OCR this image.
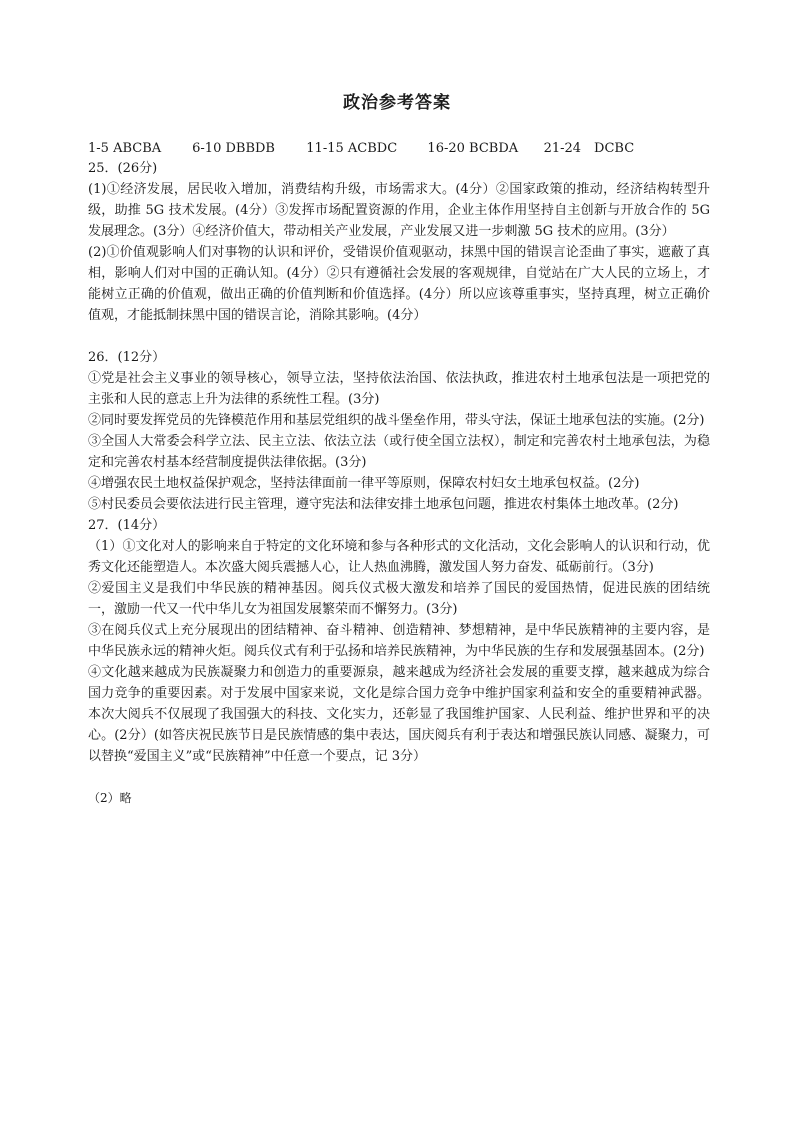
政治参考答案
1-5 ABCBA 6-10 DBBDB 11-15 ACBDC 16-20 BCBDA 21-24　DCBC
25．(26分)
(1)①经济发展，居民收入增加，消费结构升级，市场需求大。(4分）②国家政策的推动，经济结构转型升级，助推 5G 技术发展。(4分）③发挥市场配置资源的作用，企业主体作用坚持自主创新与开放合作的 5G 发展理念。(3分）④经济价值大，带动相关产业发展，产业发展又进一步刺激 5G 技术的应用。(3分）
(2)①价值观影响人们对事物的认识和评价，受错误价值观驱动，抹黑中国的错误言论歪曲了事实，遮蔽了真相，影响人们对中国的正确认知。(4分）②只有遵循社会发展的客观规律，自觉站在广大人民的立场上，才能树立正确的价值观，做出正确的价值判断和价值选择。(4分）所以应该尊重事实，坚持真理，树立正确价值观，才能抵制抹黑中国的错误言论，消除其影响。(4分）
26．(12分）
①党是社会主义事业的领导核心，领导立法，坚持依法治国、依法执政，推进农村土地承包法是一项把党的主张和人民的意志上升为法律的系统性工程。(3分)
②同时要发挥党员的先锋模范作用和基层党组织的战斗堡垒作用，带头守法，保证土地承包法的实施。(2分)
③全国人大常委会科学立法、民主立法、依法立法（或行使全国立法权），制定和完善农村土地承包法，为稳定和完善农村基本经营制度提供法律依据。(3分)
④增强农民土地权益保护观念，坚持法律面前一律平等原则，保障农村妇女土地承包权益。(2分)
⑤村民委员会要依法进行民主管理，遵守宪法和法律安排土地承包问题，推进农村集体土地改革。(2分)
27．(14分）
（1）①文化对人的影响来自于特定的文化环境和参与各种形式的文化活动，文化会影响人的认识和行动，优秀文化还能塑造人。本次盛大阅兵震撼人心，让人热血沸腾，激发国人努力奋发、砥砺前行。（3分)
②爱国主义是我们中华民族的精神基因。阅兵仪式极大激发和培养了国民的爱国热情，促进民族的团结统一，激励一代又一代中华儿女为祖国发展繁荣而不懈努力。(3分)
③在阅兵仪式上充分展现出的团结精神、奋斗精神、创造精神、梦想精神，是中华民族精神的主要内容，是中华民族永远的精神火炬。阅兵仪式有利于弘扬和培养民族精神，为中华民族的生存和发展强基固本。(2分)
④文化越来越成为民族凝聚力和创造力的重要源泉，越来越成为经济社会发展的重要支撑，越来越成为综合国力竞争的重要因素。对于发展中国家来说，文化是综合国力竞争中维护国家利益和安全的重要精神武器。本次大阅兵不仅展现了我国强大的科技、文化实力，还彰显了我国维护国家、人民利益、维护世界和平的决心。(2分）(如答庆祝民族节日是民族情感的集中表达，国庆阅兵有利于表达和增强民族认同感、凝聚力，可以替换“爱国主义”或“民族精神”中任意一个要点，记 3分）
（2）略
